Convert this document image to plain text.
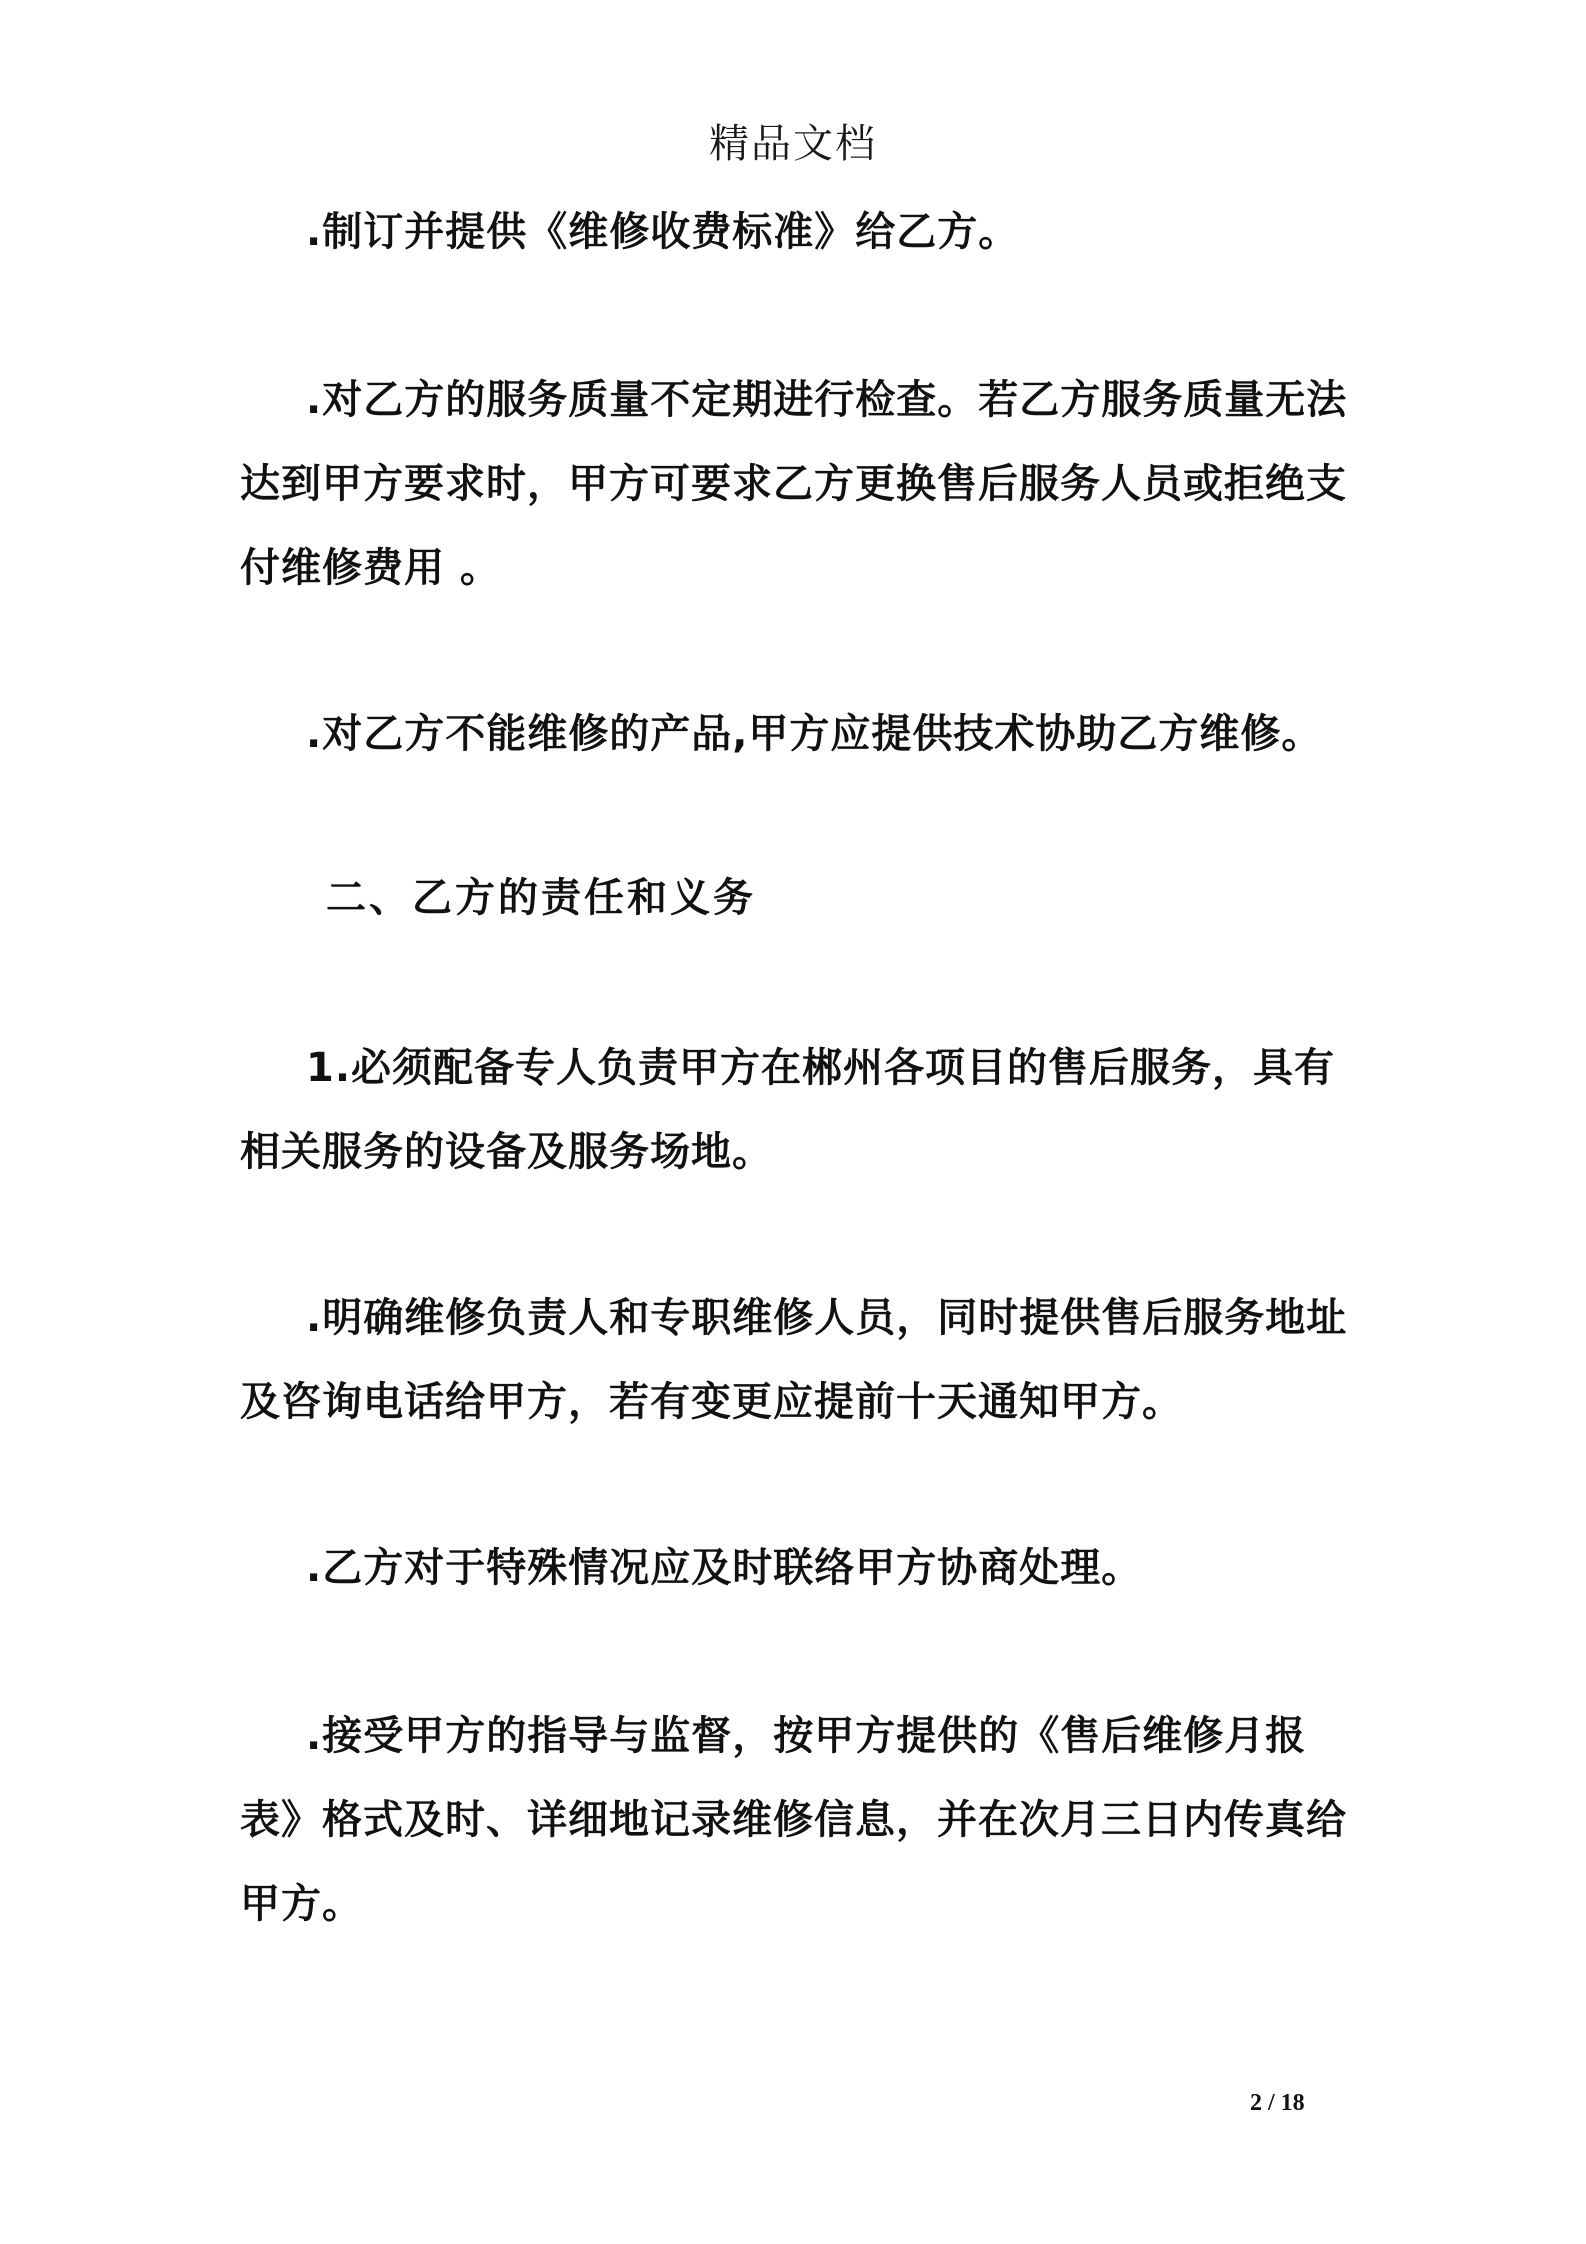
精品文档

.制订并提供《维修收费标准》给乙方。

.对乙方的服务质量不定期进行检查。若乙方服务质量无法达到甲方要求时，甲方可要求乙方更换售后服务人员或拒绝支付维修费用 。

.对乙方不能维修的产品,甲方应提供技术协助乙方维修。

二、乙方的责任和义务

1.必须配备专人负责甲方在郴州各项目的售后服务，具有相关服务的设备及服务场地。

.明确维修负责人和专职维修人员，同时提供售后服务地址及咨询电话给甲方，若有变更应提前十天通知甲方。

.乙方对于特殊情况应及时联络甲方协商处理。

.接受甲方的指导与监督，按甲方提供的《售后维修月报表》格式及时、详细地记录维修信息，并在次月三日内传真给甲方。

2 / 18
